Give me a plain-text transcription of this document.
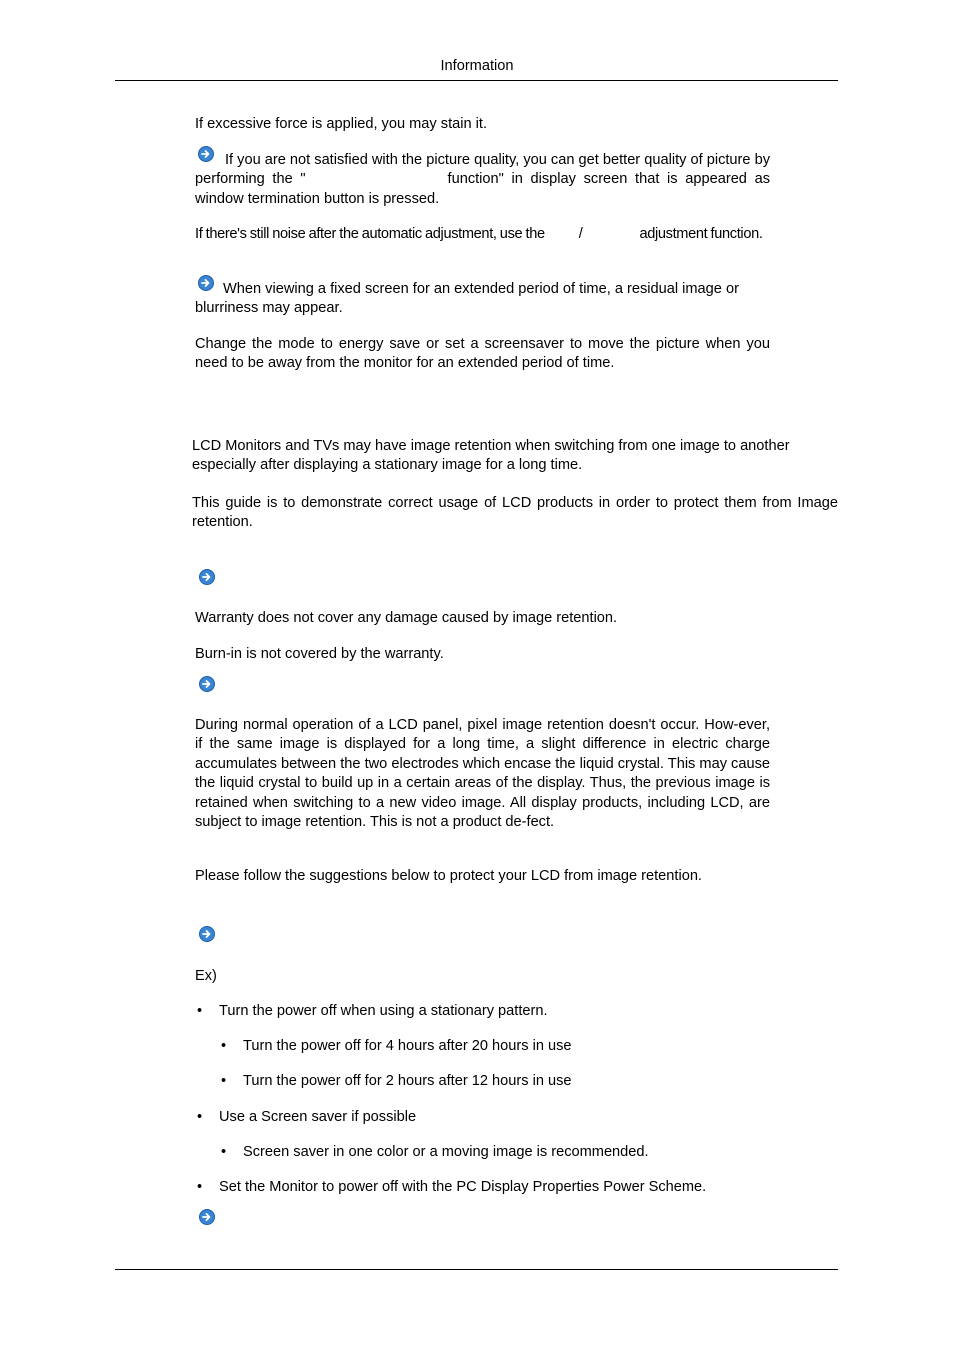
Information

If excessive force is applied, you may stain it.

If you are not satisfied with the picture quality, you can get better quality of picture by performing the "	function" in display screen that is appeared as window termination button is pressed.

If there's still noise after the automatic adjustment, use the /	adjustment function.

When viewing a fixed screen for an extended period of time, a residual image or blurriness may appear.

Change the mode to energy save or set a screensaver to move the picture when you need to be away from the monitor for an extended period of time.

LCD Monitors and TVs may have image retention when switching from one image to another especially after displaying a stationary image for a long time.

This guide is to demonstrate correct usage of LCD products in order to protect them from Image retention.

Warranty does not cover any damage caused by image retention.

Burn-in is not covered by the warranty.

During normal operation of a LCD panel, pixel image retention doesn't occur. How-ever, if the same image is displayed for a long time, a slight difference in electric charge accumulates between the two electrodes which encase the liquid crystal. This may cause the liquid crystal to build up in a certain areas of the display. Thus, the previous image is retained when switching to a new video image. All display products, including LCD, are subject to image retention. This is not a product de-fect.

Please follow the suggestions below to protect your LCD from image retention.

Ex)

• Turn the power off when using a stationary pattern.

• Turn the power off for 4 hours after 20 hours in use

• Turn the power off for 2 hours after 12 hours in use

• Use a Screen saver if possible

• Screen saver in one color or a moving image is recommended.

• Set the Monitor to power off with the PC Display Properties Power Scheme.
